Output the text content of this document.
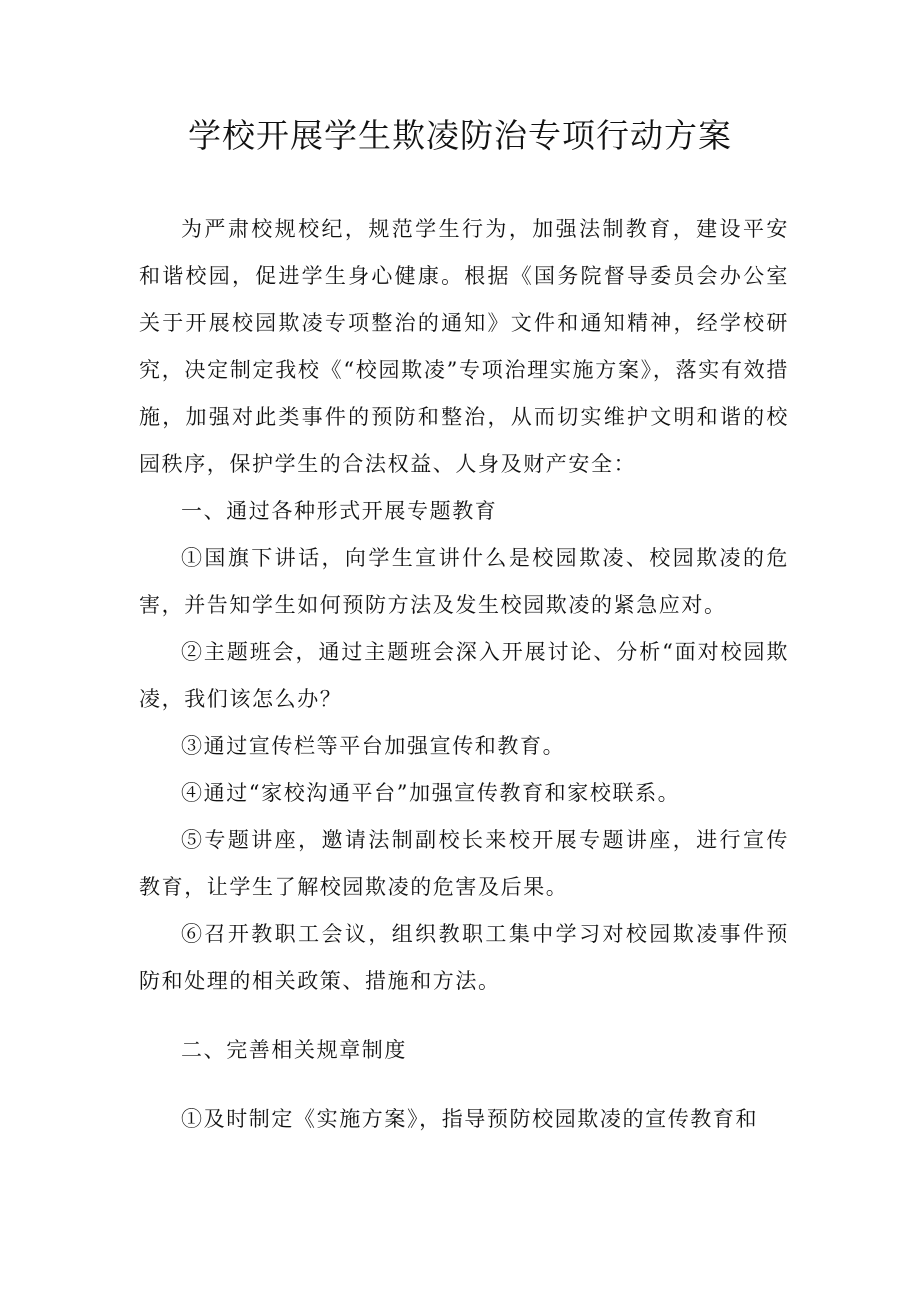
学校开展学生欺凌防治专项行动方案

为严肃校规校纪，规范学生行为，加强法制教育，建设平安和谐校园，促进学生身心健康。根据《国务院督导委员会办公室关于开展校园欺凌专项整治的通知》文件和通知精神，经学校研究，决定制定我校《“校园欺凌”专项治理实施方案》，落实有效措施，加强对此类事件的预防和整治，从而切实维护文明和谐的校园秩序，保护学生的合法权益、人身及财产安全：

一、通过各种形式开展专题教育

①国旗下讲话，向学生宣讲什么是校园欺凌、校园欺凌的危害，并告知学生如何预防方法及发生校园欺凌的紧急应对。

②主题班会，通过主题班会深入开展讨论、分析“面对校园欺凌，我们该怎么办？

③通过宣传栏等平台加强宣传和教育。

④通过“家校沟通平台”加强宣传教育和家校联系。

⑤专题讲座，邀请法制副校长来校开展专题讲座，进行宣传教育，让学生了解校园欺凌的危害及后果。

⑥召开教职工会议，组织教职工集中学习对校园欺凌事件预防和处理的相关政策、措施和方法。

二、完善相关规章制度

①及时制定《实施方案》，指导预防校园欺凌的宣传教育和
